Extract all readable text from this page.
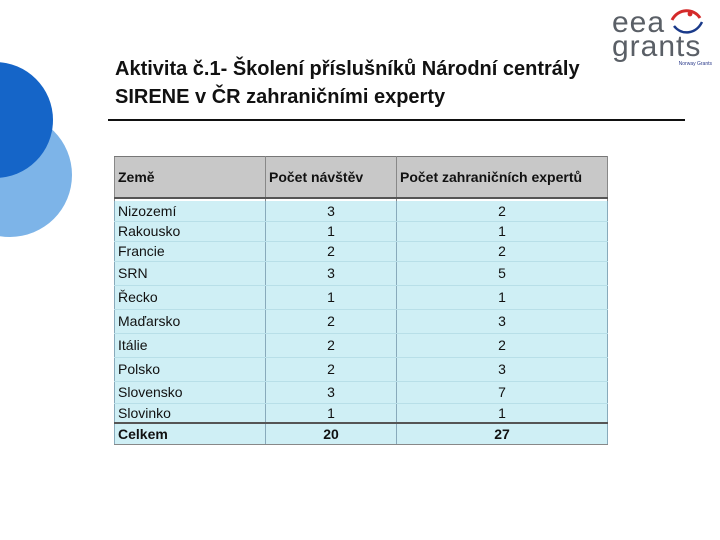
eea
grants
Norway Grants
Aktivita č.1- Školení příslušníků Národní centrály
SIRENE v ČR zahraničními experty
Země	Počet návštěv	Počet zahraničních expertů

Nizozemí	3	2
Rakousko	1	1
Francie	2	2
SRN	3	5
Řecko	1	1
Maďarsko	2	3
Itálie	2	2
Polsko	2	3
Slovensko	3	7
Slovinko	1	1
Celkem	20	27
